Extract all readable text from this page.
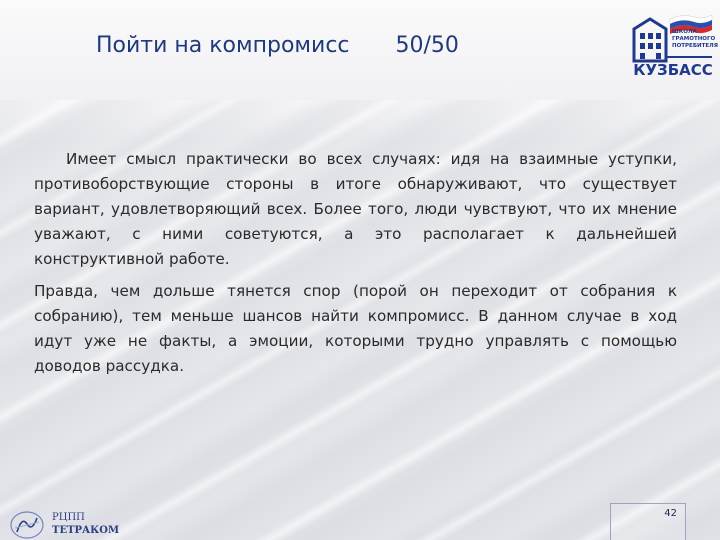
Пойти на компромисс 50/50
ШКОЛА
ГРАМОТНОГО
ПОТРЕБИТЕЛЯ
КУЗБАСС

Имеет смысл практически во всех случаях: идя на взаимные уступки, противоборствующие стороны в итоге обнаруживают, что существует вариант, удовлетворяющий всех. Более того, люди чувствуют, что их мнение уважают, с ними советуются, а это располагает к дальнейшей конструктивной работе.

Правда, чем дольше тянется спор (порой он переходит от собрания к собранию), тем меньше шансов найти компромисс. В данном случае в ход идут уже не факты, а эмоции, которыми трудно управлять с помощью доводов рассудка.

42
РЦПП
ТЕТРАКОМ
